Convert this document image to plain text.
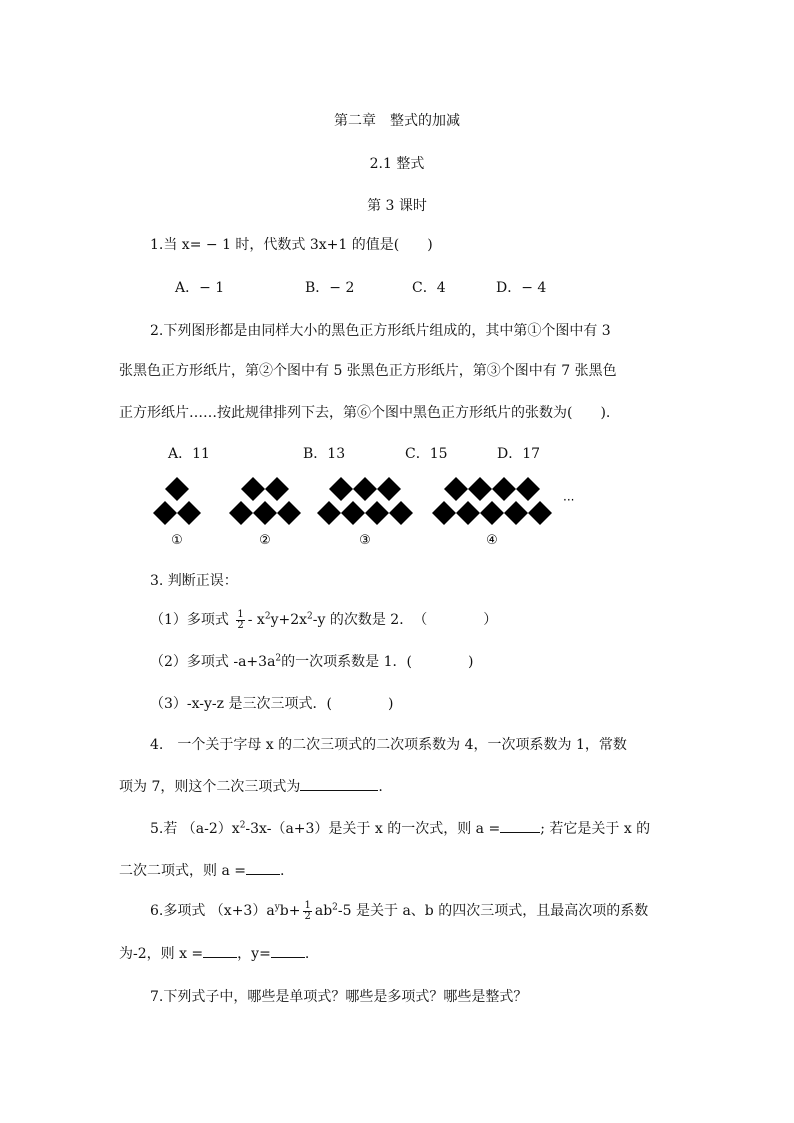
第二章　整式的加减
2.1 整式
第 3 课时
1.当 x= − 1 时，代数式 3x+1 的值是(　　)
A．− 1	B．− 2	C．4	D．− 4
2.下列图形都是由同样大小的黑色正方形纸片组成的，其中第①个图中有 3
张黑色正方形纸片，第②个图中有 5 张黑色正方形纸片，第③个图中有 7 张黑色
正方形纸片……按此规律排列下去，第⑥个图中黑色正方形纸片的张数为(　　).
A．11	B．13	C．15	D．17
①	②	③	④
···
3. 判断正误：
（1）多项式 $\frac{1}{2} - x^2y+2x^2-y$ 的次数是 2．　（　　　　）
（2）多项式 $-a+3a^2$的一次项系数是 1．(　　　　)
（3）-x-y-z 是三次三项式．(　　　　)
4.　一个关于字母 x 的二次三项式的二次项系数为 4，一次项系数为 1，常数
项为 7，则这个二次三项式为	.
5.若 $(a-2)x^2-3x-(a+3)$是关于 x 的一次式，则 a =	; 若它是关于 x 的
二次二项式，则 a = .
6.多项式 $(x+3)a^yb+ \frac{1}{2} ab^2-5$ 是关于 a、b 的四次三项式，且最高次项的系数
为-2，则 x = ，y= .
7.下列式子中，哪些是单项式？哪些是多项式？哪些是整式？
